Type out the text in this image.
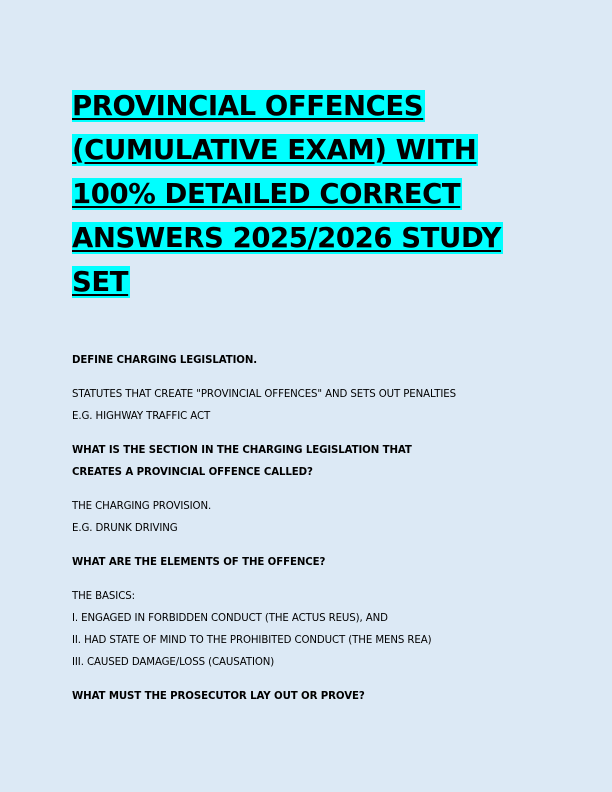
PROVINCIAL OFFENCES (CUMULATIVE EXAM) WITH 100% DETAILED CORRECT ANSWERS 2025/2026 STUDY SET

DEFINE CHARGING LEGISLATION.

STATUTES THAT CREATE "PROVINCIAL OFFENCES" AND SETS OUT PENALTIES
E.G. HIGHWAY TRAFFIC ACT

WHAT IS THE SECTION IN THE CHARGING LEGISLATION THAT
CREATES A PROVINCIAL OFFENCE CALLED?

THE CHARGING PROVISION.
E.G. DRUNK DRIVING

WHAT ARE THE ELEMENTS OF THE OFFENCE?

THE BASICS:
I. ENGAGED IN FORBIDDEN CONDUCT (THE ACTUS REUS), AND
II. HAD STATE OF MIND TO THE PROHIBITED CONDUCT (THE MENS REA)
III. CAUSED DAMAGE/LOSS (CAUSATION)

WHAT MUST THE PROSECUTOR LAY OUT OR PROVE?
